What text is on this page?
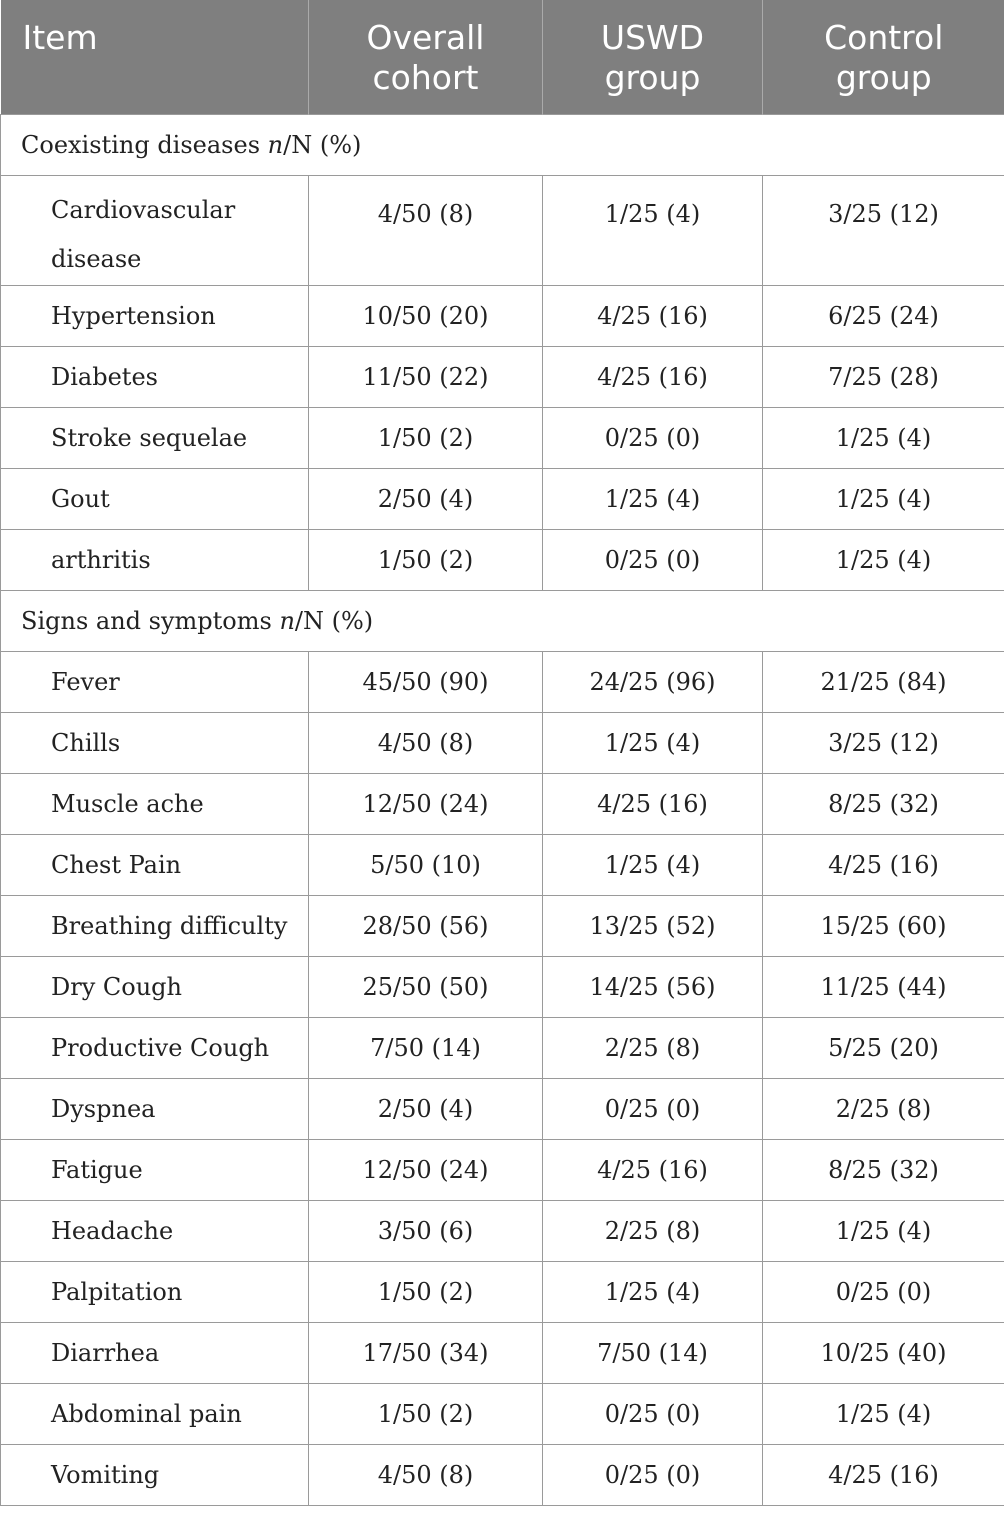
Item	Overall cohort	USWD group	Control group
Coexisting diseases n/N (%)			
Cardiovascular disease	4/50 (8)	1/25 (4)	3/25 (12)
Hypertension	10/50 (20)	4/25 (16)	6/25 (24)
Diabetes	11/50 (22)	4/25 (16)	7/25 (28)
Stroke sequelae	1/50 (2)	0/25 (0)	1/25 (4)
Gout	2/50 (4)	1/25 (4)	1/25 (4)
arthritis	1/50 (2)	0/25 (0)	1/25 (4)
Signs and symptoms n/N (%)			
Fever	45/50 (90)	24/25 (96)	21/25 (84)
Chills	4/50 (8)	1/25 (4)	3/25 (12)
Muscle ache	12/50 (24)	4/25 (16)	8/25 (32)
Chest Pain	5/50 (10)	1/25 (4)	4/25 (16)
Breathing difficulty	28/50 (56)	13/25 (52)	15/25 (60)
Dry Cough	25/50 (50)	14/25 (56)	11/25 (44)
Productive Cough	7/50 (14)	2/25 (8)	5/25 (20)
Dyspnea	2/50 (4)	0/25 (0)	2/25 (8)
Fatigue	12/50 (24)	4/25 (16)	8/25 (32)
Headache	3/50 (6)	2/25 (8)	1/25 (4)
Palpitation	1/50 (2)	1/25 (4)	0/25 (0)
Diarrhea	17/50 (34)	7/50 (14)	10/25 (40)
Abdominal pain	1/50 (2)	0/25 (0)	1/25 (4)
Vomiting	4/50 (8)	0/25 (0)	4/25 (16)
